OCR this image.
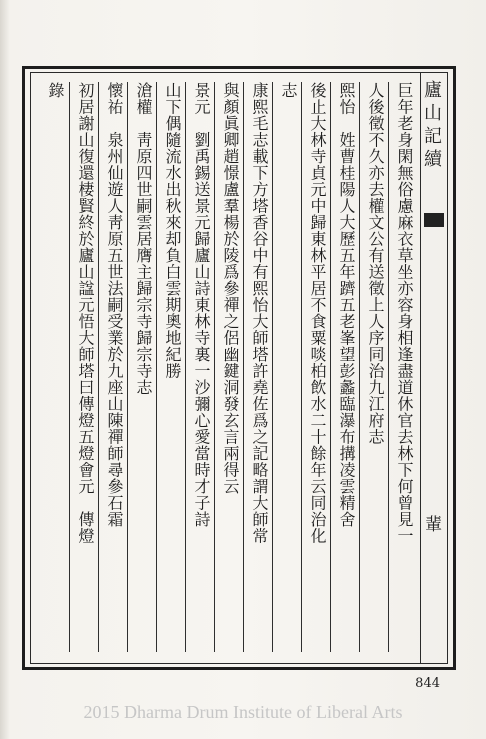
廬山記續
輩
巨年老身閑無俗慮麻衣草坐亦容身相逢盡道休官去林下何曾見一
人後徵不久亦去權文公有送徵上人序同治九江府志
熙怡　姓曹桂陽人大歷五年躋五老峯望彭蠡臨瀑布搆凌雲精舍
後止大林寺貞元中歸東林平居不食粟啖柏飲水二十餘年云同治化
志
康熙毛志載下方塔香谷中有熙怡大師塔許堯佐爲之記略謂大師常
與顏眞卿趙憬盧羣楊於陵爲參禪之侶幽鍵洞發玄言兩得云
景元　劉禹錫送景元歸廬山詩東林寺裏一沙彌心愛當時才子詩
山下偶隨流水出秋來却負白雲期奧地紀勝
滄權　靑原四世嗣雲居膺主歸宗寺歸宗寺志
懷祐　泉州仙遊人靑原五世法嗣受業於九座山陳禪師尋參石霜
初居謝山復還棲賢終於廬山諡元悟大師塔曰傳燈五燈會元　傳燈
錄
844
2015 Dharma Drum Institute of Liberal Arts
